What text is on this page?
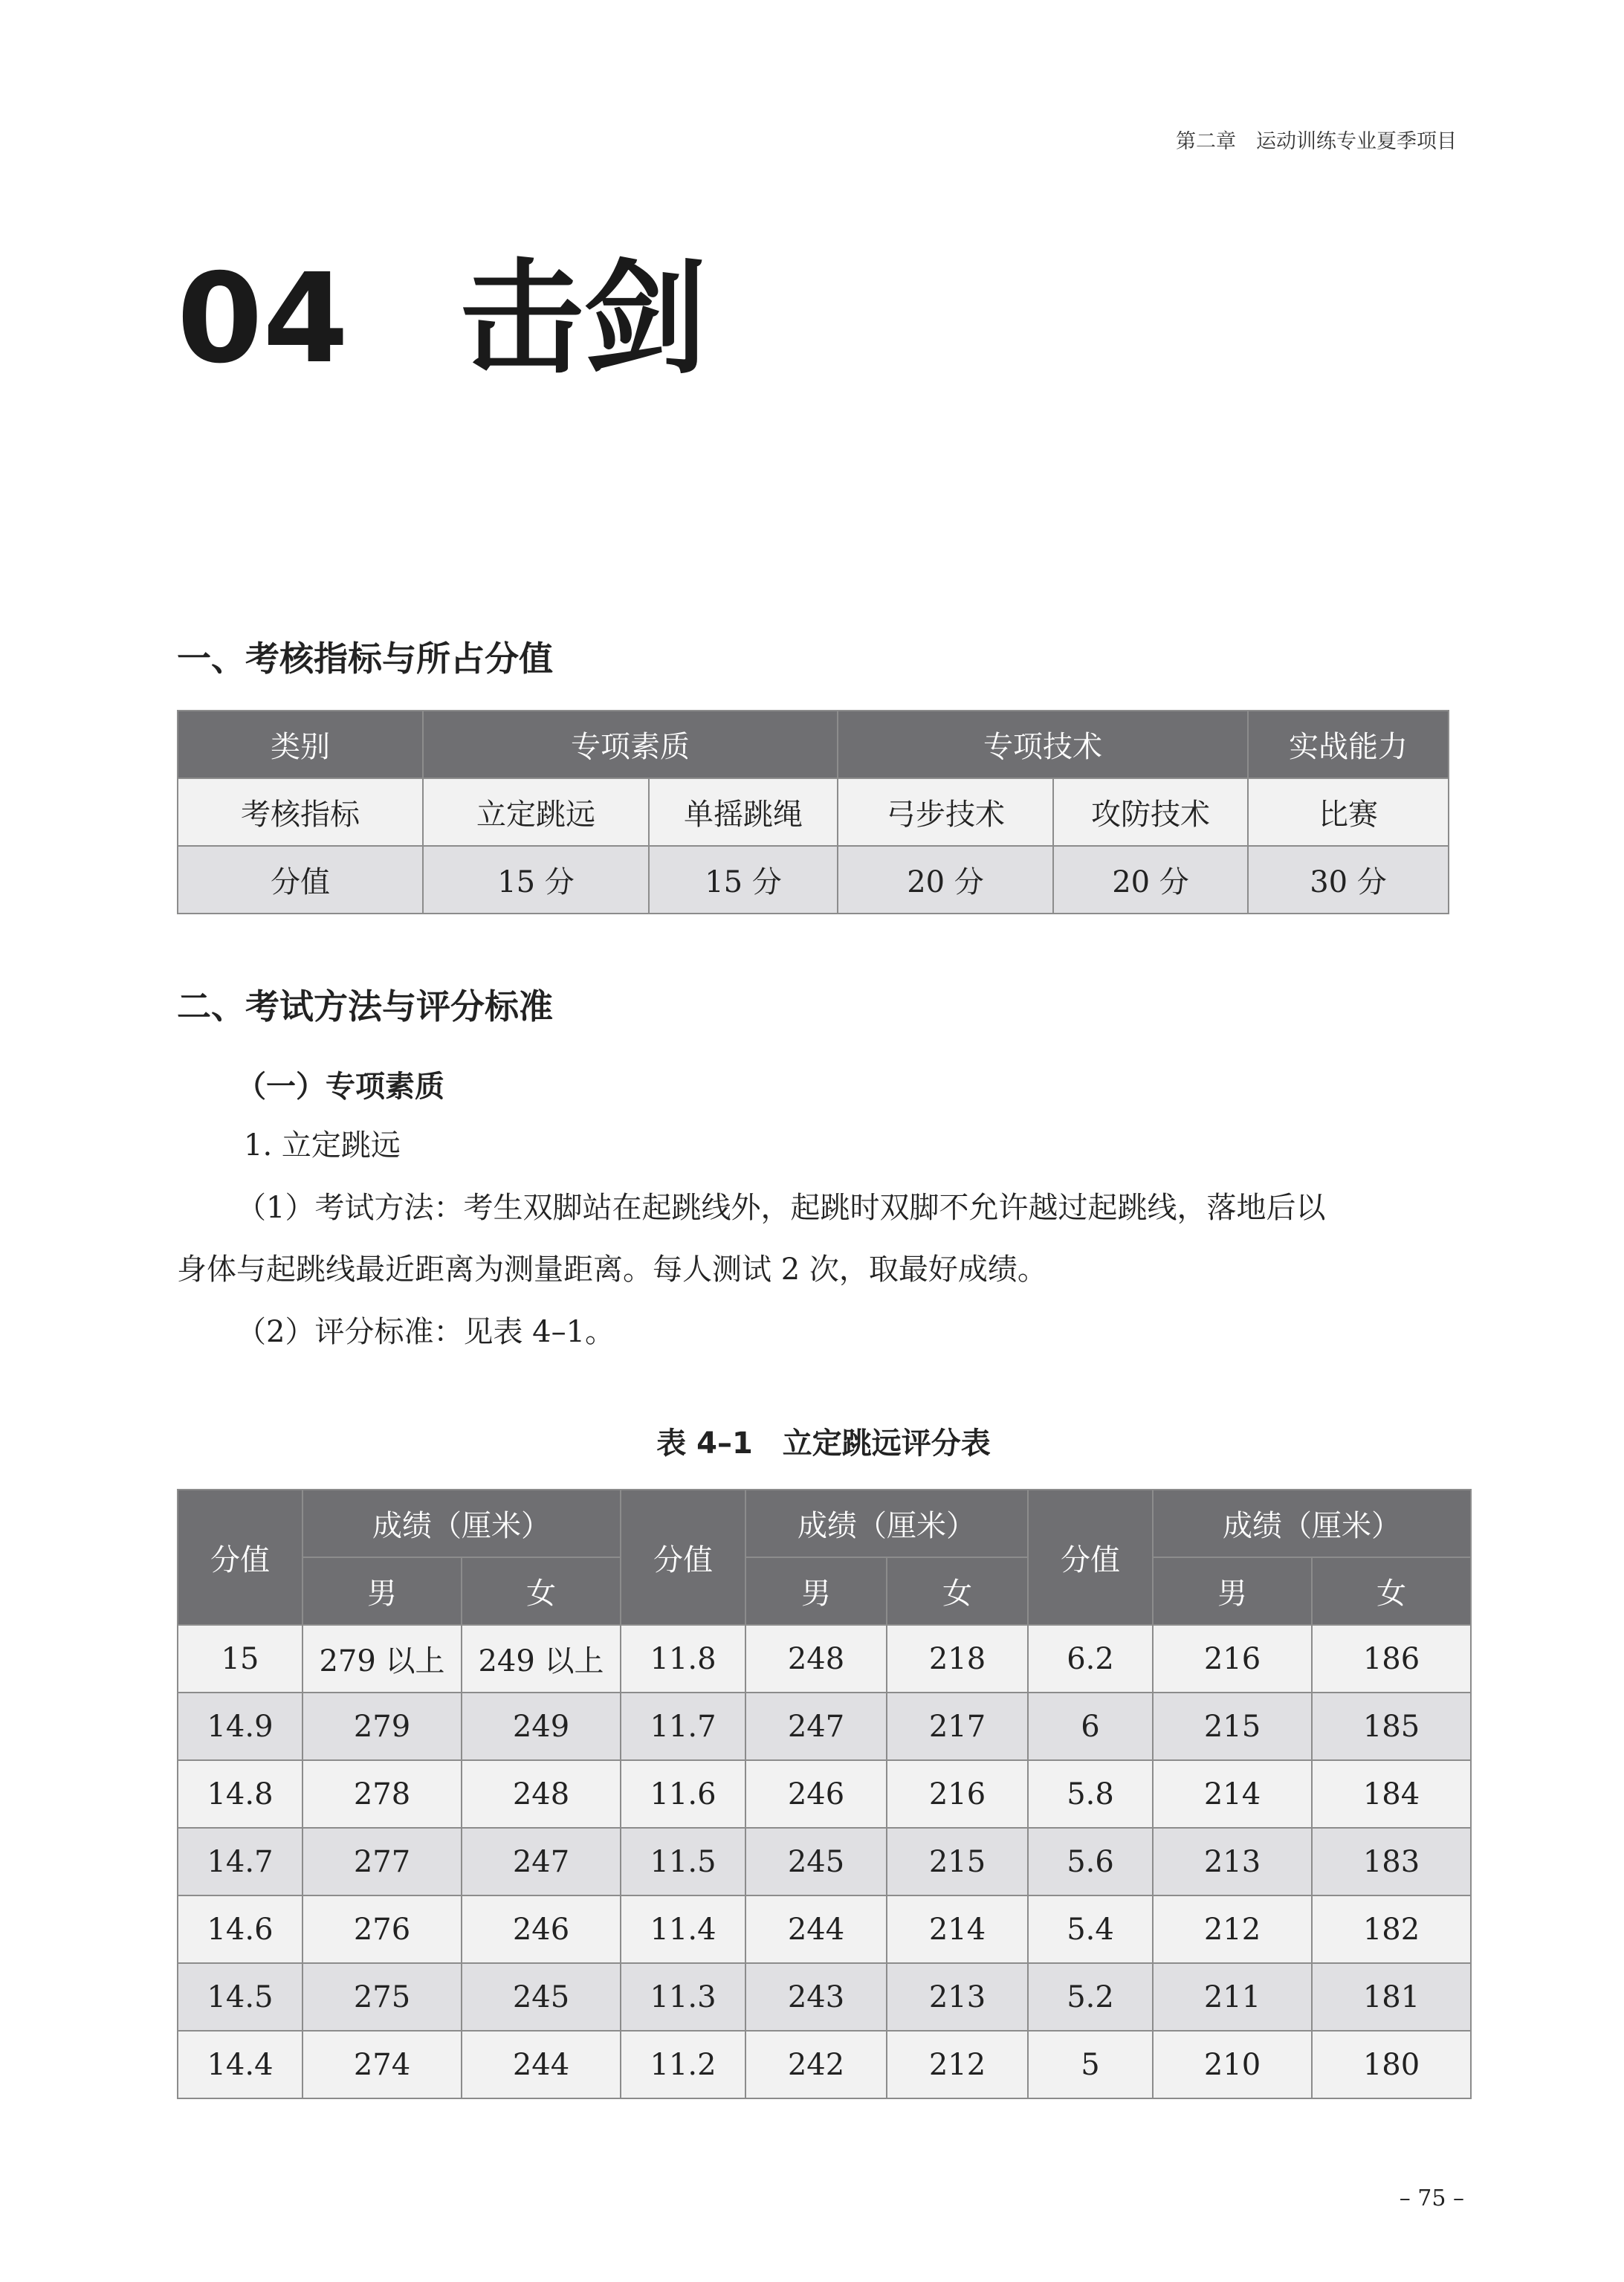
第二章　运动训练专业夏季项目
04 击剑
一、考核指标与所占分值
类别	专项素质		专项技术		实战能力
考核指标	立定跳远	单摇跳绳	弓步技术	攻防技术	比赛
分值	15 分	15 分	20 分	20 分	30 分
二、考试方法与评分标准
（一）专项素质
1. 立定跳远
（1）考试方法：考生双脚站在起跳线外，起跳时双脚不允许越过起跳线，落地后以
身体与起跳线最近距离为测量距离。每人测试 2 次，取最好成绩。
（2）评分标准：见表 4–1。
表 4–1　立定跳远评分表
分值	成绩（厘米）		分值	成绩（厘米）		分值	成绩（厘米）	
	男	女		男	女		男	女
15	279 以上	249 以上	11.8	248	218	6.2	216	186
14.9	279	249	11.7	247	217	6	215	185
14.8	278	248	11.6	246	216	5.8	214	184
14.7	277	247	11.5	245	215	5.6	213	183
14.6	276	246	11.4	244	214	5.4	212	182
14.5	275	245	11.3	243	213	5.2	211	181
14.4	274	244	11.2	242	212	5	210	180
– 75 –
